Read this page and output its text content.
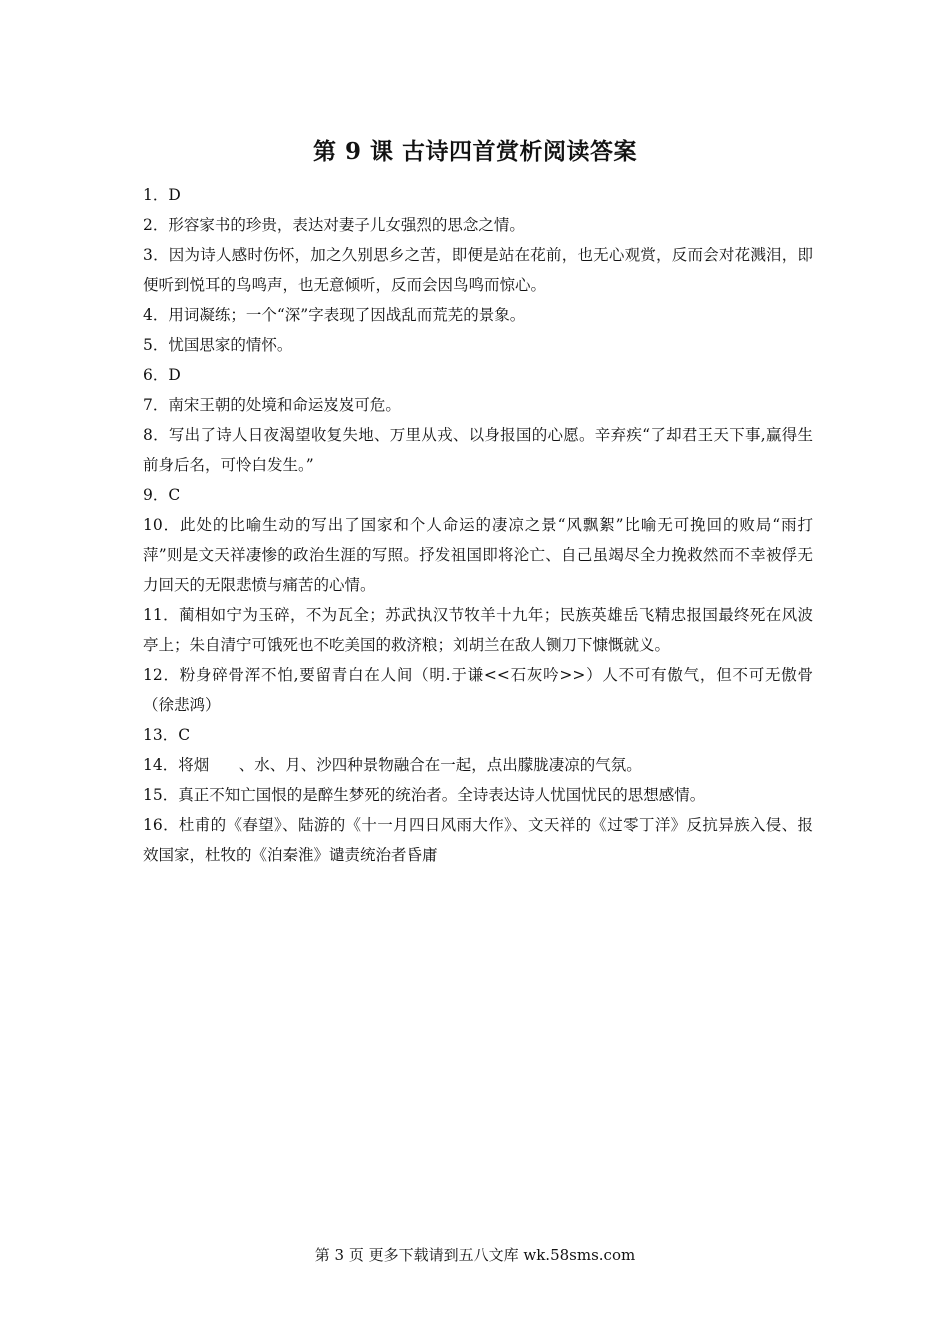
第 9 课 古诗四首赏析阅读答案
1．D
2．形容家书的珍贵，表达对妻子儿女强烈的思念之情。
3．因为诗人感时伤怀，加之久别思乡之苦，即便是站在花前，也无心观赏，反而会对花溅泪，即便听到悦耳的鸟鸣声，也无意倾听，反而会因鸟鸣而惊心。
4．用词凝练；一个“深”字表现了因战乱而荒芜的景象。
5．忧国思家的情怀。
6．D
7．南宋王朝的处境和命运岌岌可危。
8．写出了诗人日夜渴望收复失地、万里从戎、以身报国的心愿。辛弃疾“了却君王天下事,赢得生前身后名，可怜白发生。”
9．C
10．此处的比喻生动的写出了国家和个人命运的凄凉之景“风飘絮”比喻无可挽回的败局“雨打萍”则是文天祥凄惨的政治生涯的写照。抒发祖国即将沦亡、自己虽竭尽全力挽救然而不幸被俘无力回天的无限悲愤与痛苦的心情。
11．蔺相如宁为玉碎，不为瓦全；苏武执汉节牧羊十九年；民族英雄岳飞精忠报国最终死在风波亭上；朱自清宁可饿死也不吃美国的救济粮；刘胡兰在敌人铡刀下慷慨就义。
12．粉身碎骨浑不怕,要留青白在人间（明.于谦<<石灰吟>>）人不可有傲气，但不可无傲骨（徐悲鸿）
13．C
14．将烟      、水、月、沙四种景物融合在一起，点出朦胧凄凉的气氛。
15．真正不知亡国恨的是醉生梦死的统治者。全诗表达诗人忧国忧民的思想感情。
16．杜甫的《春望》、陆游的《十一月四日风雨大作》、文天祥的《过零丁洋》反抗异族入侵、报效国家，杜牧的《泊秦淮》谴责统治者昏庸
第 3 页 更多下载请到五八文库 wk.58sms.com
